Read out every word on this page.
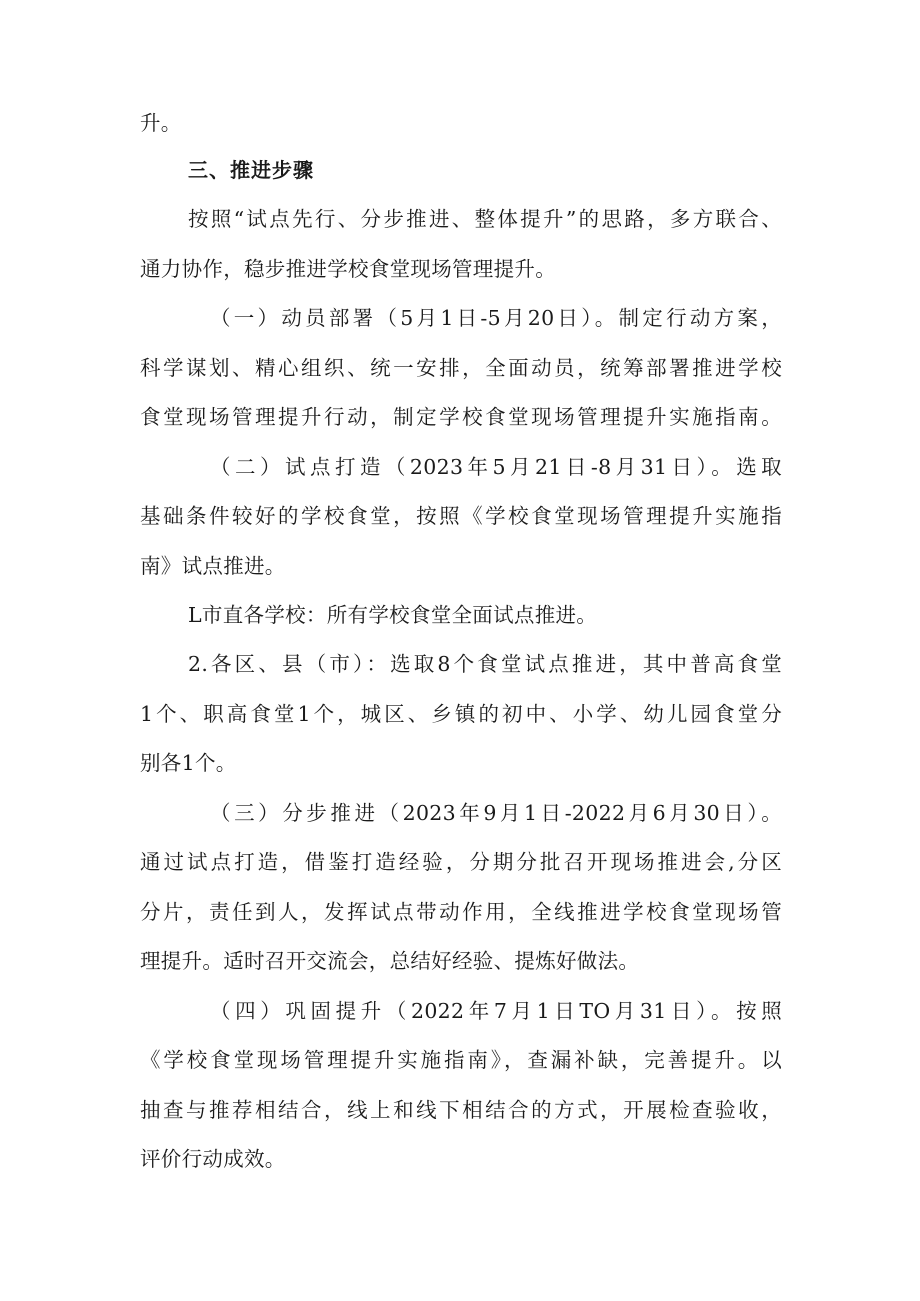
升。
三、推进步骤
按照“试点先行、分步推进、整体提升”的思路，多方联合、
通力协作，稳步推进学校食堂现场管理提升。
（一）动员部署（5月1日-5月20日）。制定行动方案，
科学谋划、精心组织、统一安排，全面动员，统筹部署推进学校
食堂现场管理提升行动，制定学校食堂现场管理提升实施指南。
（二）试点打造（2023年5月21日-8月31日）。选取
基础条件较好的学校食堂，按照《学校食堂现场管理提升实施指
南》试点推进。
L市直各学校：所有学校食堂全面试点推进。
2.各区、县（市）：选取8个食堂试点推进，其中普高食堂
1个、职高食堂1个，城区、乡镇的初中、小学、幼儿园食堂分
别各1个。
（三）分步推进（2023年9月1日-2022月6月30日）。
通过试点打造，借鉴打造经验，分期分批召开现场推进会,分区
分片，责任到人，发挥试点带动作用，全线推进学校食堂现场管
理提升。适时召开交流会，总结好经验、提炼好做法。
（四）巩固提升（2022年7月1日TO月31日）。按照
《学校食堂现场管理提升实施指南》，查漏补缺，完善提升。以
抽查与推荐相结合，线上和线下相结合的方式，开展检查验收，
评价行动成效。
